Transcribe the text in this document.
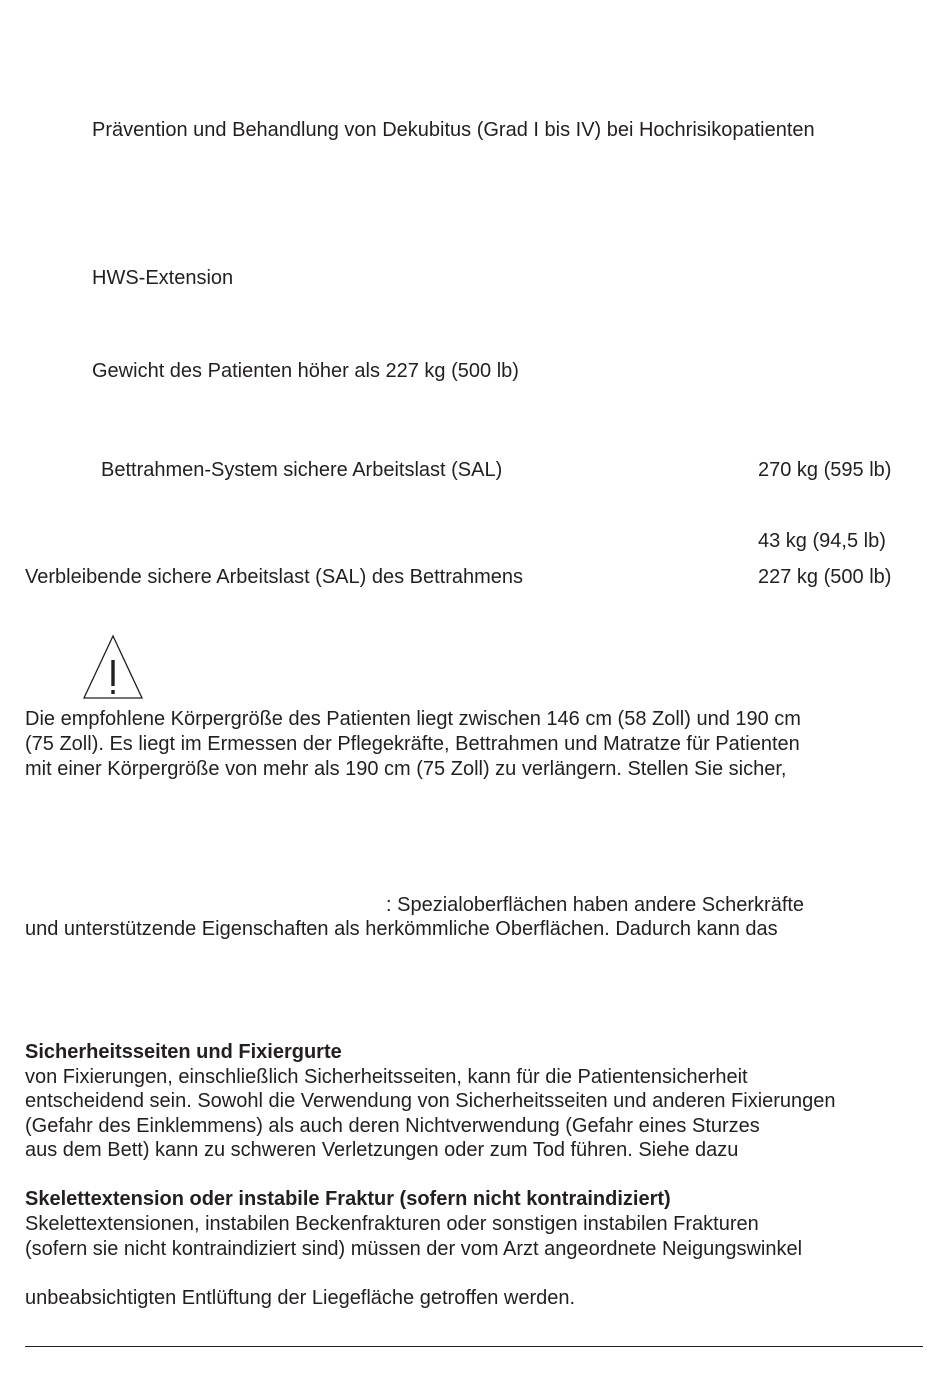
Prävention und Behandlung von Dekubitus (Grad I bis IV) bei Hochrisikopatienten

HWS-Extension

Gewicht des Patienten höher als 227 kg (500 lb)

Bettrahmen-System sichere Arbeitslast (SAL)	270 kg (595 lb)

43 kg (94,5 lb)

Verbleibende sichere Arbeitslast (SAL) des Bettrahmens	227 kg (500 lb)

Die empfohlene Körpergröße des Patienten liegt zwischen 146 cm (58 Zoll) und 190 cm

(75 Zoll). Es liegt im Ermessen der Pflegekräfte, Bettrahmen und Matratze für Patienten

mit einer Körpergröße von mehr als 190 cm (75 Zoll) zu verlängern. Stellen Sie sicher,

: Spezialoberflächen haben andere Scherkräfte

und unterstützende Eigenschaften als herkömmliche Oberflächen. Dadurch kann das

Sicherheitsseiten und Fixiergurte

von Fixierungen, einschließlich Sicherheitsseiten, kann für die Patientensicherheit

entscheidend sein. Sowohl die Verwendung von Sicherheitsseiten und anderen Fixierungen

(Gefahr des Einklemmens) als auch deren Nichtverwendung (Gefahr eines Sturzes

aus dem Bett) kann zu schweren Verletzungen oder zum Tod führen. Siehe dazu

Skelettextension oder instabile Fraktur (sofern nicht kontraindiziert)

Skelettextensionen, instabilen Beckenfrakturen oder sonstigen instabilen Frakturen

(sofern sie nicht kontraindiziert sind) müssen der vom Arzt angeordnete Neigungswinkel

unbeabsichtigten Entlüftung der Liegefläche getroffen werden.
